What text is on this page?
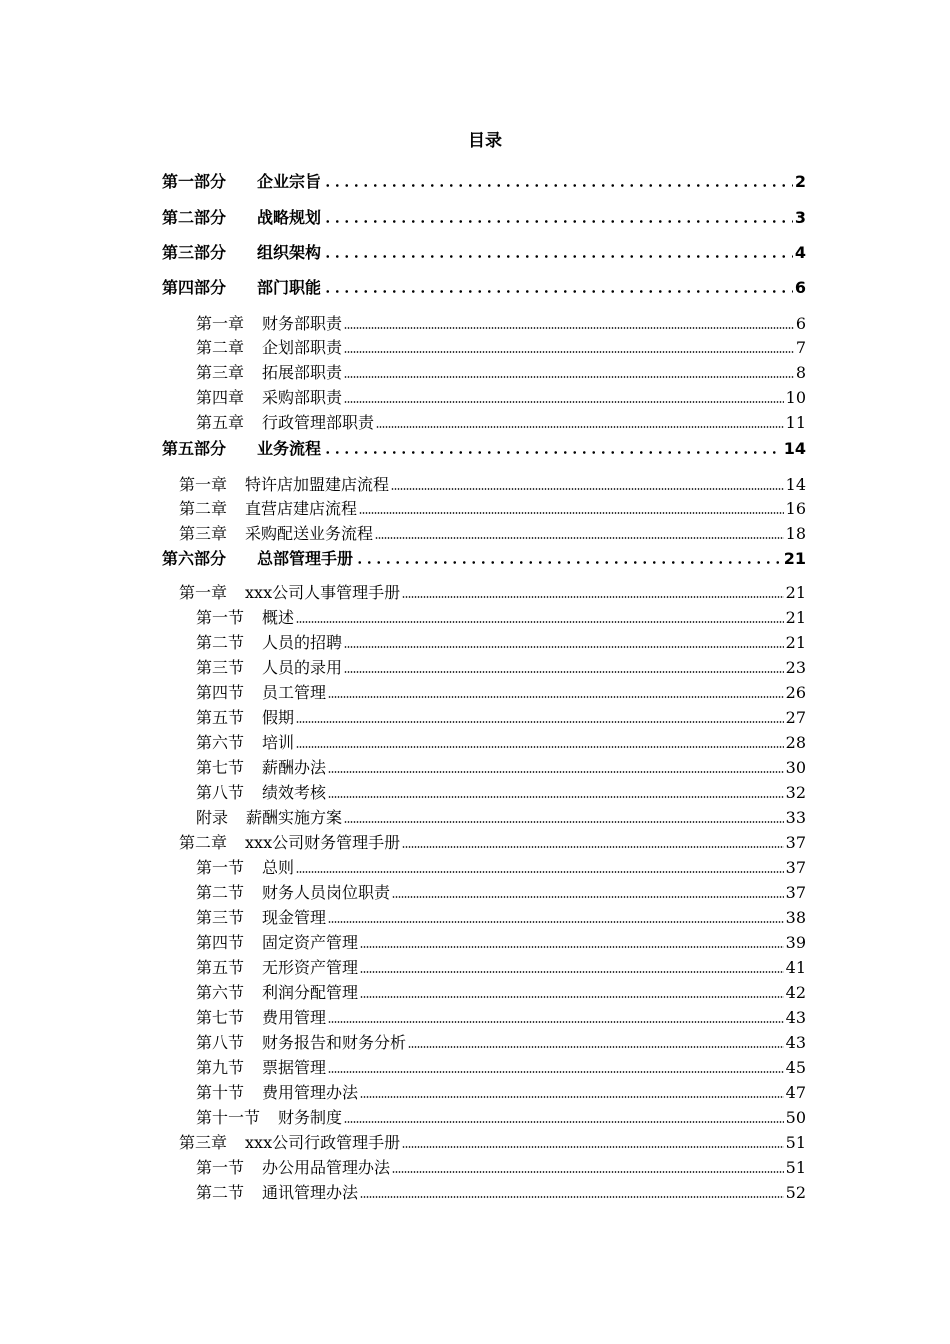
目录
第一部分	企业宗旨	2
第二部分	战略规划	3
第三部分	组织架构	4
第四部分	部门职能	6
第一章 财务部职责	6
第二章 企划部职责	7
第三章 拓展部职责	8
第四章 采购部职责	10
第五章 行政管理部职责	11
第五部分	业务流程	14
第一章 特许店加盟建店流程	14
第二章 直营店建店流程	16
第三章 采购配送业务流程	18
第六部分	总部管理手册	21
第一章 xxx公司人事管理手册	21
第一节 概述	21
第二节 人员的招聘	21
第三节 人员的录用	23
第四节 员工管理	26
第五节 假期	27
第六节 培训	28
第七节 薪酬办法	30
第八节 绩效考核	32
附录 薪酬实施方案	33
第二章 xxx公司财务管理手册	37
第一节 总则	37
第二节 财务人员岗位职责	37
第三节 现金管理	38
第四节 固定资产管理	39
第五节 无形资产管理	41
第六节 利润分配管理	42
第七节 费用管理	43
第八节 财务报告和财务分析	43
第九节 票据管理	45
第十节 费用管理办法	47
第十一节 财务制度	50
第三章 xxx公司行政管理手册	51
第一节 办公用品管理办法	51
第二节 通讯管理办法	52
